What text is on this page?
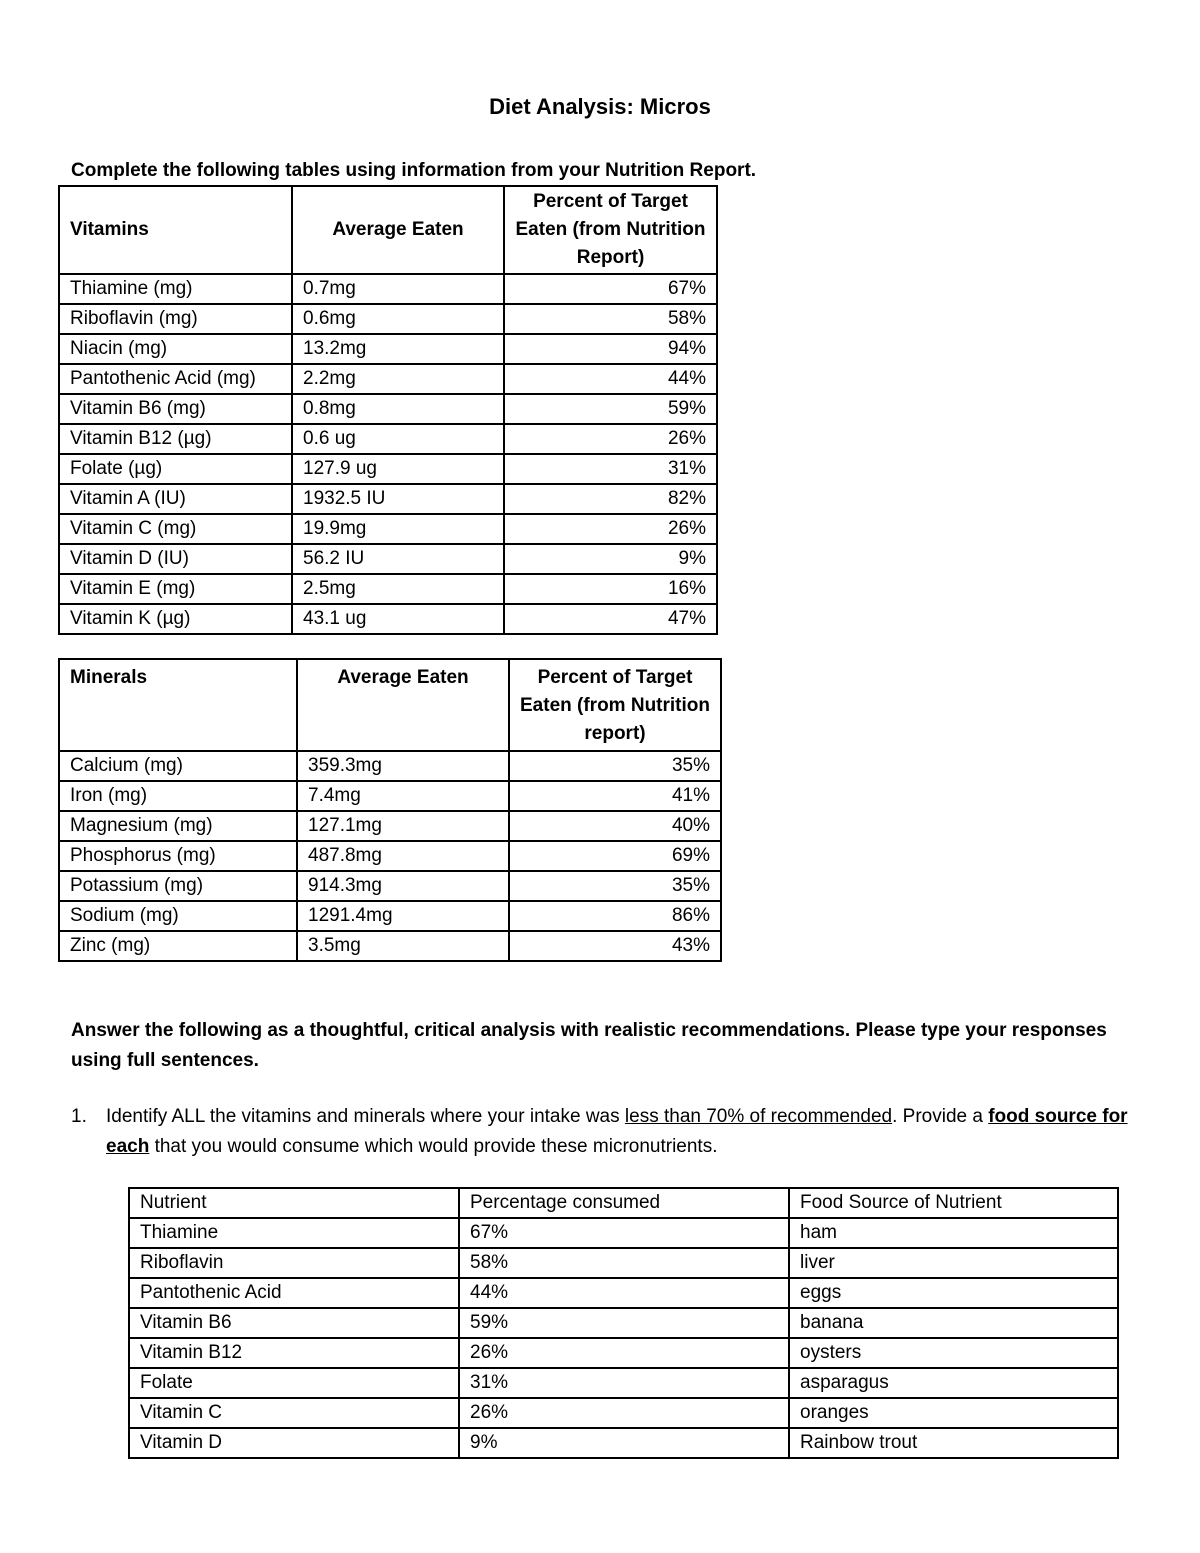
Diet Analysis: Micros
Complete the following tables using information from your Nutrition Report.
Vitamins	Average Eaten	Percent of Target Eaten (from Nutrition Report)

Thiamine (mg)	0.7mg	67%
Riboflavin (mg)	0.6mg	58%
Niacin (mg)	13.2mg	94%
Pantothenic Acid (mg)	2.2mg	44%
Vitamin B6 (mg)	0.8mg	59%
Vitamin B12 (µg)	0.6 ug	26%
Folate (µg)	127.9 ug	31%
Vitamin A (IU)	1932.5 IU	82%
Vitamin C (mg)	19.9mg	26%
Vitamin D (IU)	56.2 IU	9%
Vitamin E (mg)	2.5mg	16%
Vitamin K (µg)	43.1 ug	47%
Minerals	Average Eaten	Percent of Target Eaten (from Nutrition report)

Calcium (mg)	359.3mg	35%
Iron (mg)	7.4mg	41%
Magnesium (mg)	127.1mg	40%
Phosphorus (mg)	487.8mg	69%
Potassium (mg)	914.3mg	35%
Sodium (mg)	1291.4mg	86%
Zinc (mg)	3.5mg	43%
Answer the following as a thoughtful, critical analysis with realistic recommendations. Please type your responses using full sentences.
1. Identify ALL the vitamins and minerals where your intake was less than 70% of recommended. Provide a food source for each that you would consume which would provide these micronutrients.
Nutrient	Percentage consumed	Food Source of Nutrient
Thiamine	67%	ham
Riboflavin	58%	liver
Pantothenic Acid	44%	eggs
Vitamin B6	59%	banana
Vitamin B12	26%	oysters
Folate	31%	asparagus
Vitamin C	26%	oranges
Vitamin D	9%	Rainbow trout
